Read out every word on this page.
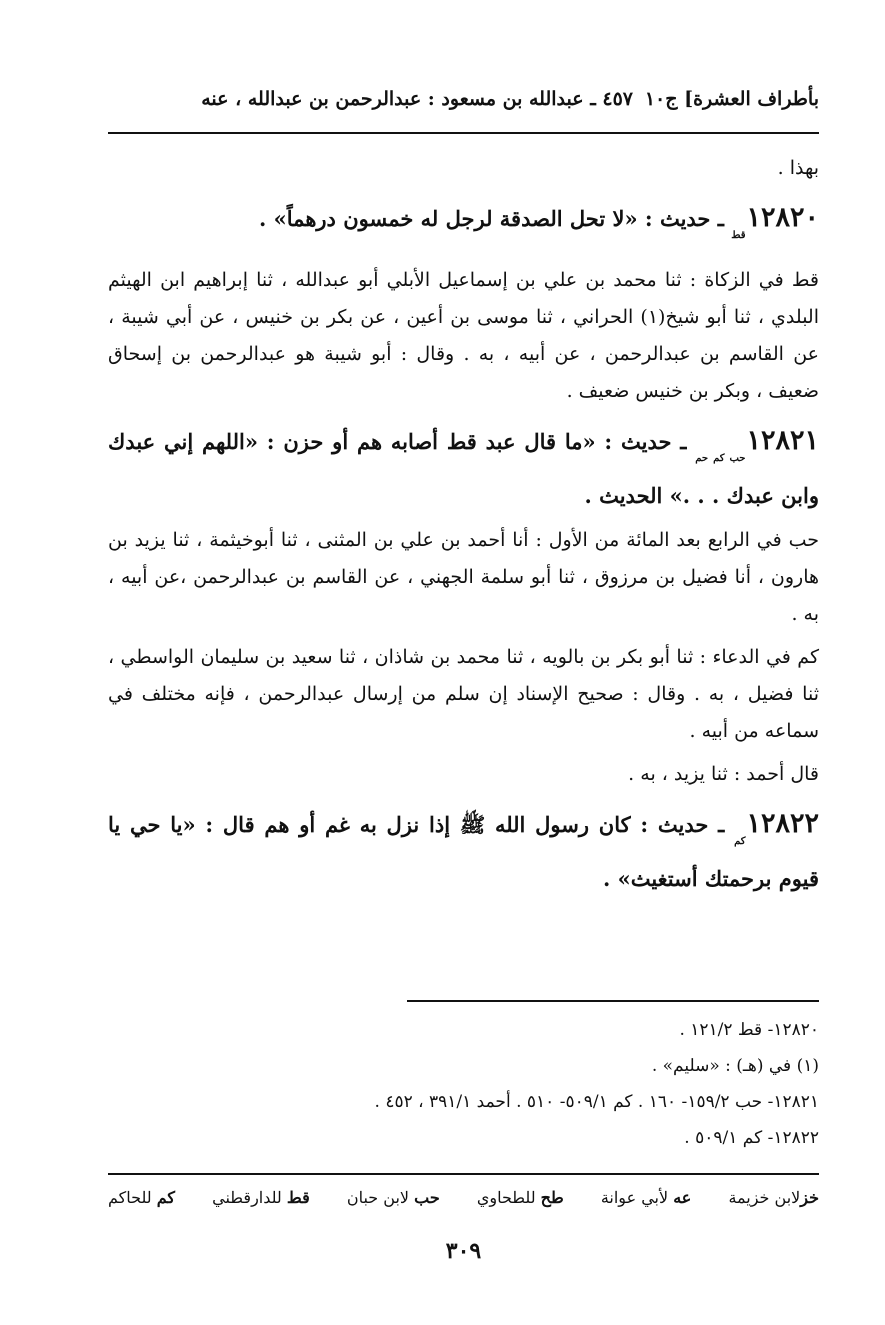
بأطراف العشرة] ج١٠
٤٥٧ ـ عبدالله بن مسعود : عبدالرحمن بن عبدالله ، عنه

بهذا .

$١٢٨٢٠_{قط}$ ـ حديث : «لا تحل الصدقة لرجل له خمسون درهماً» .

قط في الزكاة : ثنا محمد بن علي بن إسماعيل الأبلي أبو عبدالله ، ثنا إبراهيم ابن الهيثم البلدي ، ثنا أبو شيخ(١) الحراني ، ثنا موسى بن أعين ، عن بكر بن خنيس ، عن أبي شيبة ، عن القاسم بن عبدالرحمن ، عن أبيه ، به . وقال : أبو شيبة هو عبدالرحمن بن إسحاق ضعيف ، وبكر بن خنيس ضعيف .

$١٢٨٢١_{حب كم حم}$ ـ حديث : «ما قال عبد قط أصابه هم أو حزن : «اللهم إني عبدك وابن عبدك . . .» الحديث .

حب في الرابع بعد المائة من الأول : أنا أحمد بن علي بن المثنى ، ثنا أبوخيثمة ، ثنا يزيد بن هارون ، أنا فضيل بن مرزوق ، ثنا أبو سلمة الجهني ، عن القاسم بن عبدالرحمن ،عن أبيه ، به .

كم في الدعاء : ثنا أبو بكر بن بالويه ، ثنا محمد بن شاذان ، ثنا سعيد بن سليمان الواسطي ، ثنا فضيل ، به . وقال : صحيح الإسناد إن سلم من إرسال عبدالرحمن ، فإنه مختلف في سماعه من أبيه .

قال أحمد : ثنا يزيد ، به .

$١٢٨٢٢_{كم}$ ـ حديث : كان رسول الله ﷺ إذا نزل به غم أو هم قال : «يا حي يا قيوم برحمتك أستغيث» .

١٢٨٢٠- قط ١٢١/٢ .
(١) في (هـ) : «سليم» .
١٢٨٢١- حب ١٥٩/٢- ١٦٠ . كم ٥٠٩/١- ٥١٠ . أحمد ٣٩١/١ ، ٤٥٢ .
١٢٨٢٢- كم ٥٠٩/١ .
خزلابن خزيمة
عه لأبي عوانة
طح للطحاوي
حب لابن حبان
قط للدارقطني
كم للحاكم
٣٠٩
